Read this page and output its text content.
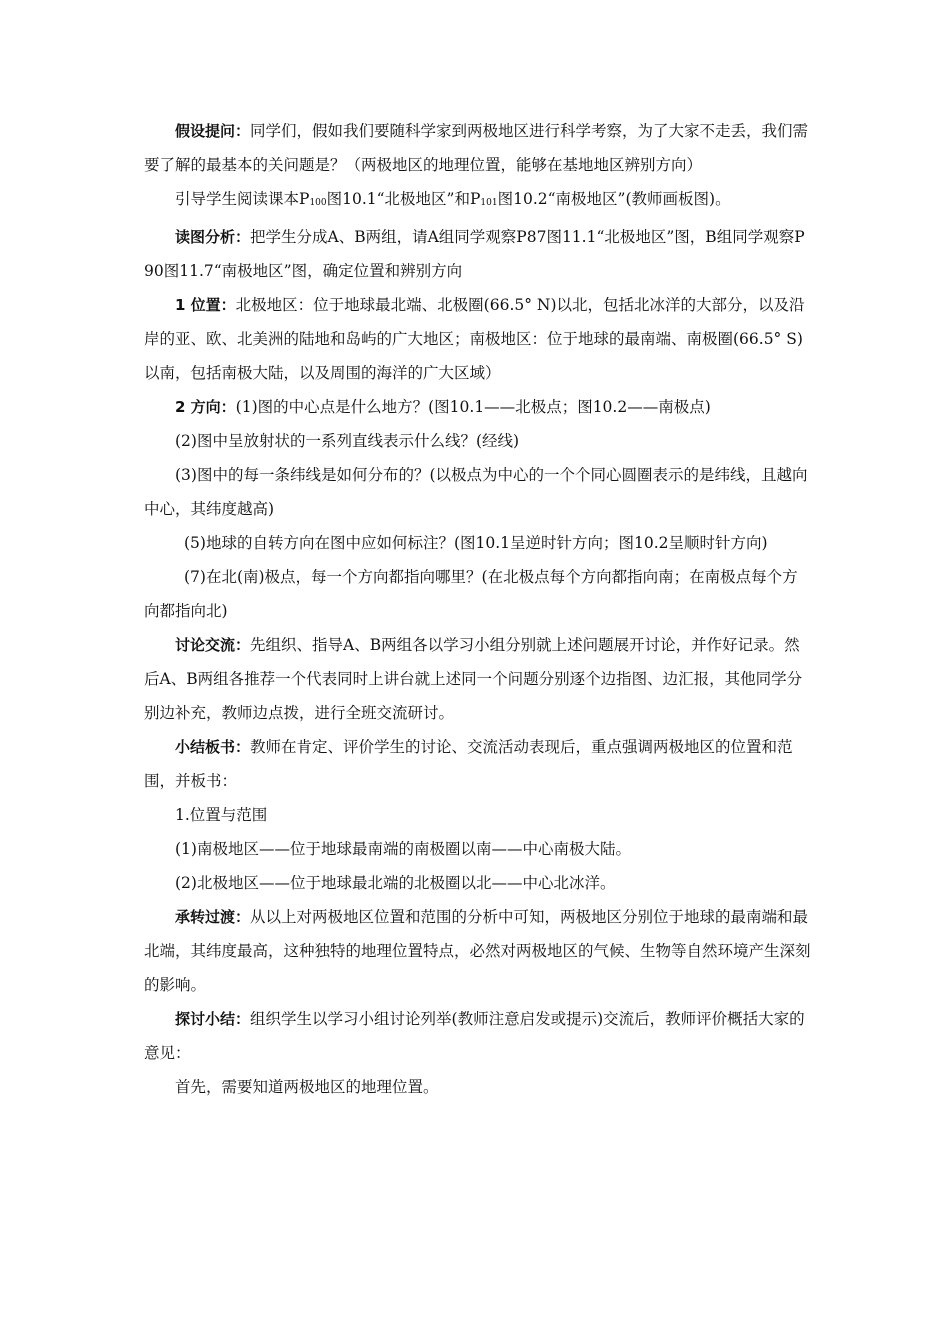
假设提问：同学们，假如我们要随科学家到两极地区进行科学考察，为了大家不走丢，我们需要了解的最基本的关问题是？（两极地区的地理位置，能够在基地地区辨别方向）

引导学生阅读课本P100图10.1“北极地区”和P101图10.2“南极地区”(教师画板图)。

读图分析：把学生分成A、B两组，请A组同学观察P87图11.1“北极地区”图，B组同学观察P90图11.7“南极地区”图，确定位置和辨别方向

1 位置：北极地区：位于地球最北端、北极圈(66.5° N)以北，包括北冰洋的大部分，以及沿岸的亚、欧、北美洲的陆地和岛屿的广大地区；南极地区：位于地球的最南端、南极圈(66.5° S)以南，包括南极大陆，以及周围的海洋的广大区域）

2 方向：(1)图的中心点是什么地方？(图10.1——北极点；图10.2——南极点)

(2)图中呈放射状的一系列直线表示什么线？(经线)

(3)图中的每一条纬线是如何分布的？(以极点为中心的一个个同心圆圈表示的是纬线，且越向中心，其纬度越高)

(5)地球的自转方向在图中应如何标注？(图10.1呈逆时针方向；图10.2呈顺时针方向)

(7)在北(南)极点，每一个方向都指向哪里？(在北极点每个方向都指向南；在南极点每个方向都指向北)

讨论交流：先组织、指导A、B两组各以学习小组分别就上述问题展开讨论，并作好记录。然后A、B两组各推荐一个代表同时上讲台就上述同一个问题分别逐个边指图、边汇报，其他同学分别边补充，教师边点拨，进行全班交流研讨。

小结板书：教师在肯定、评价学生的讨论、交流活动表现后，重点强调两极地区的位置和范围，并板书：

1.位置与范围

(1)南极地区——位于地球最南端的南极圈以南——中心南极大陆。

(2)北极地区——位于地球最北端的北极圈以北——中心北冰洋。

承转过渡：从以上对两极地区位置和范围的分析中可知，两极地区分别位于地球的最南端和最北端，其纬度最高，这种独特的地理位置特点，必然对两极地区的气候、生物等自然环境产生深刻的影响。

探讨小结：组织学生以学习小组讨论列举(教师注意启发或提示)交流后，教师评价概括大家的意见：

首先，需要知道两极地区的地理位置。
